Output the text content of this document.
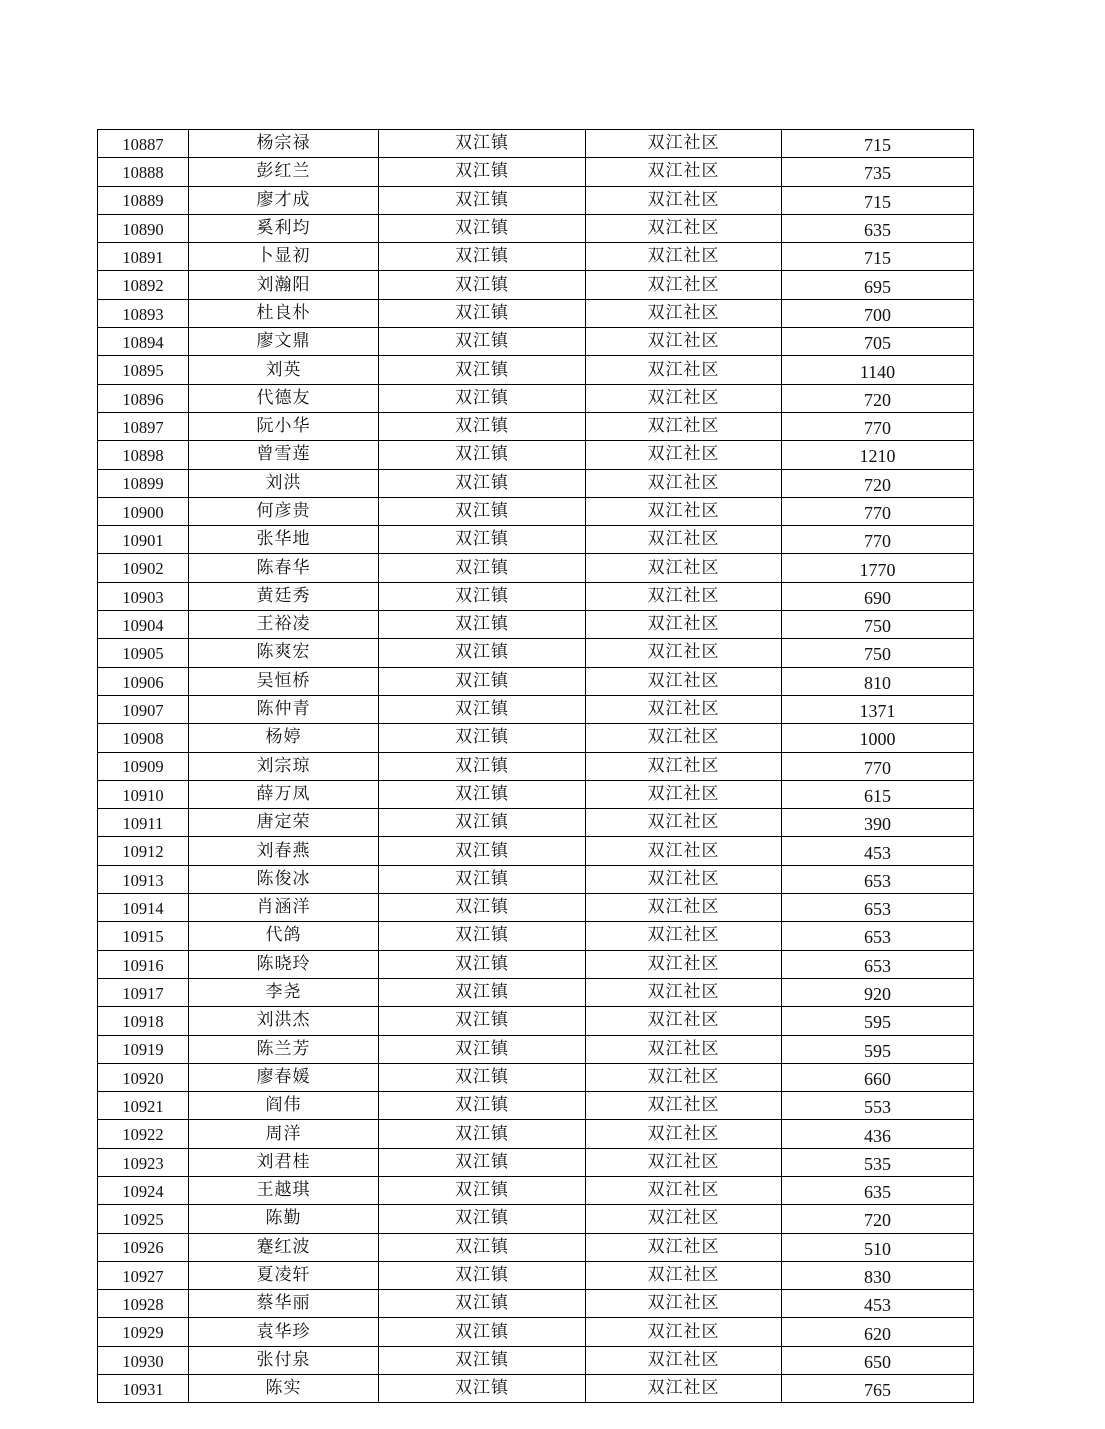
10887	杨宗禄	双江镇	双江社区	715
10888	彭红兰	双江镇	双江社区	735
10889	廖才成	双江镇	双江社区	715
10890	奚利均	双江镇	双江社区	635
10891	卜显初	双江镇	双江社区	715
10892	刘瀚阳	双江镇	双江社区	695
10893	杜良朴	双江镇	双江社区	700
10894	廖文鼎	双江镇	双江社区	705
10895	刘英	双江镇	双江社区	1140
10896	代德友	双江镇	双江社区	720
10897	阮小华	双江镇	双江社区	770
10898	曾雪莲	双江镇	双江社区	1210
10899	刘洪	双江镇	双江社区	720
10900	何彦贵	双江镇	双江社区	770
10901	张华地	双江镇	双江社区	770
10902	陈春华	双江镇	双江社区	1770
10903	黄廷秀	双江镇	双江社区	690
10904	王裕凌	双江镇	双江社区	750
10905	陈爽宏	双江镇	双江社区	750
10906	吴恒桥	双江镇	双江社区	810
10907	陈仲青	双江镇	双江社区	1371
10908	杨婷	双江镇	双江社区	1000
10909	刘宗琼	双江镇	双江社区	770
10910	薛万凤	双江镇	双江社区	615
10911	唐定荣	双江镇	双江社区	390
10912	刘春燕	双江镇	双江社区	453
10913	陈俊冰	双江镇	双江社区	653
10914	肖涵洋	双江镇	双江社区	653
10915	代鸽	双江镇	双江社区	653
10916	陈晓玲	双江镇	双江社区	653
10917	李尧	双江镇	双江社区	920
10918	刘洪杰	双江镇	双江社区	595
10919	陈兰芳	双江镇	双江社区	595
10920	廖春媛	双江镇	双江社区	660
10921	阎伟	双江镇	双江社区	553
10922	周洋	双江镇	双江社区	436
10923	刘君桂	双江镇	双江社区	535
10924	王越琪	双江镇	双江社区	635
10925	陈勤	双江镇	双江社区	720
10926	蹇红波	双江镇	双江社区	510
10927	夏凌轩	双江镇	双江社区	830
10928	蔡华丽	双江镇	双江社区	453
10929	袁华珍	双江镇	双江社区	620
10930	张付泉	双江镇	双江社区	650
10931	陈实	双江镇	双江社区	765
